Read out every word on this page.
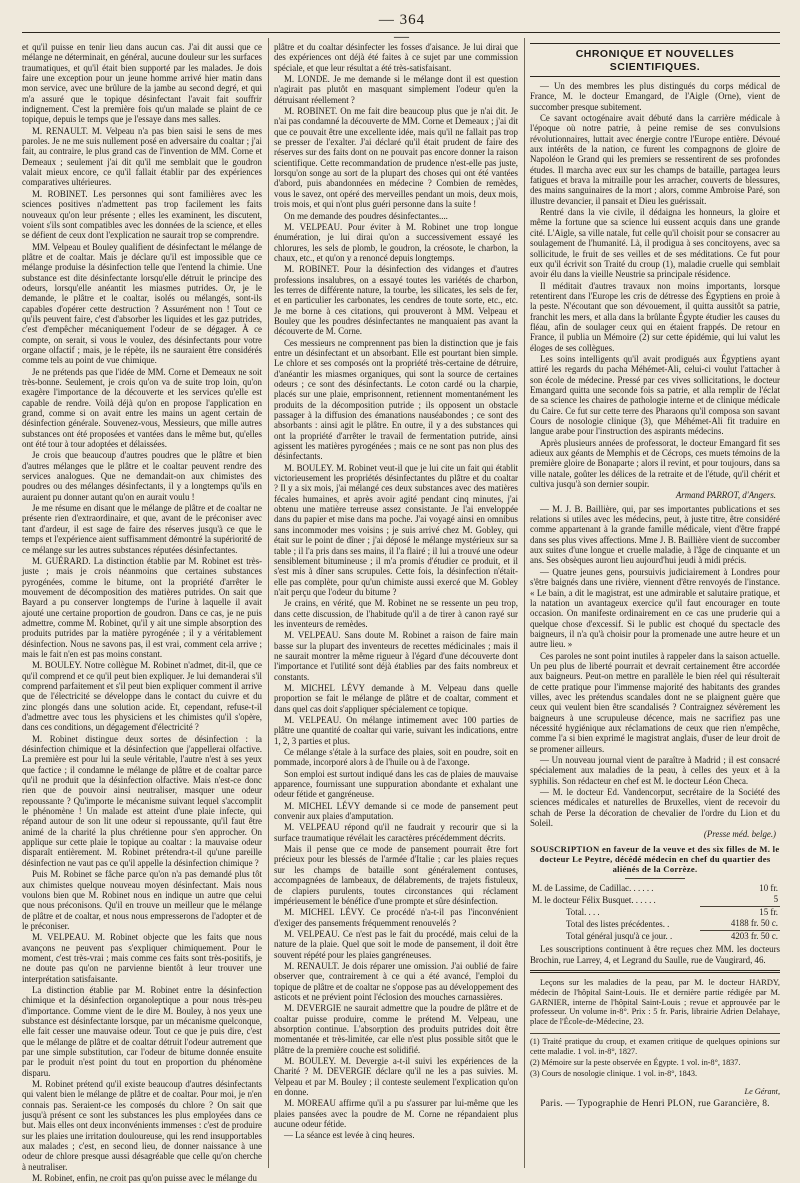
— 364 —

et qu'il puisse en tenir lieu dans aucun cas. J'ai dit aussi que ce mélange ne déterminait, en général, aucune douleur sur les surfaces traumatiques, et qu'il était bien supporté par les malades. Je dois faire une exception pour un jeune homme arrivé hier matin dans mon service, avec une brûlure de la jambe au second degré, et qui m'a assuré que le topique désinfectant l'avait fait souffrir indignement. C'est la première fois qu'un malade se plaint de ce topique, depuis le temps que je l'essaye dans mes salles.

M. RENAULT. M. Velpeau n'a pas bien saisi le sens de mes paroles. Je ne me suis nullement posé en adversaire du coaltar ; j'ai fait, au contraire, le plus grand cas de l'invention de MM. Corne et Demeaux ; seulement j'ai dit qu'il me semblait que le goudron valait mieux encore, ce qu'il fallait établir par des expériences comparatives ultérieures.

M. ROBINET. Les personnes qui sont familières avec les sciences positives n'admettent pas trop facilement les faits nouveaux qu'on leur présente ; elles les examinent, les discutent, voient s'ils sont compatibles avec les données de la science, et elles se défient de ceux dont l'explication ne saurait trop se comprendre.

MM. Velpeau et Bouley qualifient de désinfectant le mélange de plâtre et de coaltar. Mais je déclare qu'il est impossible que ce mélange produise la désinfection telle que l'entend la chimie. Une substance est dite désinfectante lorsqu'elle détruit le principe des odeurs, lorsqu'elle anéantit les miasmes putrides. Or, je le demande, le plâtre et le coaltar, isolés ou mélangés, sont-ils capables d'opérer cette destruction ? Assurément non ! Tout ce qu'ils peuvent faire, c'est d'absorber les liquides et les gaz putrides, c'est d'empêcher mécaniquement l'odeur de se dégager. À ce compte, on serait, si vous le voulez, des désinfectants pour votre organe olfactif ; mais, je le répète, ils ne sauraient être considérés comme tels au point de vue chimique.

Je ne prétends pas que l'idée de MM. Corne et Demeaux ne soit très-bonne. Seulement, je crois qu'on va de suite trop loin, qu'on exagère l'importance de la découverte et les services qu'elle est capable de rendre. Voilà déjà qu'on en propose l'application en grand, comme si on avait entre les mains un agent certain de désinfection générale. Souvenez-vous, Messieurs, que mille autres substances ont été proposées et vantées dans le même but, qu'elles ont été tour à tour adoptées et délaissées.

Je crois que beaucoup d'autres poudres que le plâtre et bien d'autres mélanges que le plâtre et le coaltar peuvent rendre des services analogues. Que ne demandait-on aux chimistes des poudres ou des mélanges désinfectants, il y a longtemps qu'ils en auraient pu donner autant qu'on en aurait voulu !

Je me résume en disant que le mélange de plâtre et de coaltar ne présente rien d'extraordinaire, et que, avant de le préconiser avec tant d'ardeur, il est sage de faire des réserves jusqu'à ce que le temps et l'expérience aient suffisamment démontré la supériorité de ce mélange sur les autres substances réputées désinfectantes.

M. GUÉRARD. La distinction établie par M. Robinet est très-juste ; mais je crois néanmoins que certaines substances pyrogénées, comme le bitume, ont la propriété d'arrêter le mouvement de décomposition des matières putrides. On sait que Bayard a pu conserver longtemps de l'urine à laquelle il avait ajouté une certaine proportion de goudron. Dans ce cas, je ne puis admettre, comme M. Robinet, qu'il y ait une simple absorption des produits putrides par la matière pyrogénée ; il y a véritablement désinfection. Nous ne savons pas, il est vrai, comment cela arrive ; mais le fait n'en est pas moins constant.

M. BOULEY. Notre collègue M. Robinet n'admet, dit-il, que ce qu'il comprend et ce qu'il peut bien expliquer. Je lui demanderai s'il comprend parfaitement et s'il peut bien expliquer comment il arrive que de l'électricité se développe dans le contact du cuivre et du zinc plongés dans une solution acide. Et, cependant, refuse-t-il d'admettre avec tous les physiciens et les chimistes qu'il s'opère, dans ces conditions, un dégagement d'électricité ?

M. Robinet distingue deux sortes de désinfection : la désinfection chimique et la désinfection que j'appellerai olfactive. La première est pour lui la seule véritable, l'autre n'est à ses yeux que factice ; il condamne le mélange de plâtre et de coaltar parce qu'il ne produit que la désinfection olfactive. Mais n'est-ce donc rien que de pouvoir ainsi neutraliser, masquer une odeur repoussante ? Qu'importe le mécanisme suivant lequel s'accomplit le phénomène ! Un malade est atteint d'une plaie infecte, qui répand autour de son lit une odeur si repoussante, qu'il faut être animé de la charité la plus chrétienne pour s'en approcher. On applique sur cette plaie le topique au coaltar : la mauvaise odeur disparaît entièrement. M. Robinet prétendra-t-il qu'une pareille désinfection ne vaut pas ce qu'il appelle la désinfection chimique ?

Puis M. Robinet se fâche parce qu'on n'a pas demandé plus tôt aux chimistes quelque nouveau moyen désinfectant. Mais nous voulons bien que M. Robinet nous en indique un autre que celui que nous préconisons. Qu'il en trouve un meilleur que le mélange de plâtre et de coaltar, et nous nous empresserons de l'adopter et de le préconiser.

M. VELPEAU. M. Robinet objecte que les faits que nous avançons ne peuvent pas s'expliquer chimiquement. Pour le moment, c'est très-vrai ; mais comme ces faits sont très-positifs, je ne doute pas qu'on ne parvienne bientôt à leur trouver une interprétation satisfaisante.

La distinction établie par M. Robinet entre la désinfection chimique et la désinfection organoleptique a pour nous très-peu d'importance. Comme vient de le dire M. Bouley, à nos yeux une substance est désinfectante lorsque, par un mécanisme quelconque, elle fait cesser une mauvaise odeur. Tout ce que je puis dire, c'est que le mélange de plâtre et de coaltar détruit l'odeur autrement que par une simple substitution, car l'odeur de bitume donnée ensuite par le produit n'est point du tout en proportion du phénomène disparu.

M. Robinet prétend qu'il existe beaucoup d'autres désinfectants qui valent bien le mélange de plâtre et de coaltar. Pour moi, je n'en connais pas. Seraient-ce les composés du chlore ? On sait que jusqu'à présent ce sont les substances les plus employées dans ce but. Mais elles ont deux inconvénients immenses : c'est de produire sur les plaies une irritation douloureuse, qui les rend insupportables aux malades ; c'est, en second lieu, de donner naissance à une odeur de chlore presque aussi désagréable que celle qu'on cherche à neutraliser.

M. Robinet, enfin, ne croit pas qu'on puisse avec le mélange du

plâtre et du coaltar désinfecter les fosses d'aisance. Je lui dirai que des expériences ont déjà été faites à ce sujet par une commission spéciale, et que leur résultat a été très-satisfaisant.

M. LONDE. Je me demande si le mélange dont il est question n'agirait pas plutôt en masquant simplement l'odeur qu'en la détruisant réellement ?

M. ROBINET. On me fait dire beaucoup plus que je n'ai dit. Je n'ai pas condamné la découverte de MM. Corne et Demeaux ; j'ai dit que ce pouvait être une excellente idée, mais qu'il ne fallait pas trop se presser de l'exalter. J'ai déclaré qu'il était prudent de faire des réserves sur des faits dont on ne pouvait pas encore donner la raison scientifique. Cette recommandation de prudence n'est-elle pas juste, lorsqu'on songe au sort de la plupart des choses qui ont été vantées d'abord, puis abandonnées en médecine ? Combien de remèdes, vous le savez, ont opéré des merveilles pendant un mois, deux mois, trois mois, et qui n'ont plus guéri personne dans la suite !

On me demande des poudres désinfectantes....

M. VELPEAU. Pour éviter à M. Robinet une trop longue énumération, je lui dirai qu'on a successivement essayé les chlorures, les sels de plomb, le goudron, la créosote, le charbon, la chaux, etc., et qu'on y a renoncé depuis longtemps.

M. ROBINET. Pour la désinfection des vidanges et d'autres professions insalubres, on a essayé toutes les variétés de charbon, les terres de différente nature, la tourbe, les silicates, les sels de fer, et en particulier les carbonates, les cendres de toute sorte, etc., etc. Je me borne à ces citations, qui prouveront à MM. Velpeau et Bouley que les poudres désinfectantes ne manquaient pas avant la découverte de M. Corne.

Ces messieurs ne comprennent pas bien la distinction que je fais entre un désinfectant et un absorbant. Elle est pourtant bien simple. Le chlore et ses composés ont la propriété très-certaine de détruire, d'anéantir les miasmes organiques, qui sont la source de certaines odeurs ; ce sont des désinfectants. Le coton cardé ou la charpie, placés sur une plaie, emprisonnent, retiennent momentanément les produits de la décomposition putride ; ils opposent un obstacle passager à la diffusion des émanations nauséabondes ; ce sont des absorbants : ainsi agit le plâtre. En outre, il y a des substances qui ont la propriété d'arrêter le travail de fermentation putride, ainsi agissent les matières pyrogénées ; mais ce ne sont pas non plus des désinfectants.

M. BOULEY. M. Robinet veut-il que je lui cite un fait qui établit victorieusement les propriétés désinfectantes du plâtre et du coaltar ? Il y a six mois, j'ai mélangé ces deux substances avec des matières fécales humaines, et après avoir agité pendant cinq minutes, j'ai obtenu une matière terreuse assez consistante. Je l'ai enveloppée dans du papier et mise dans ma poche. J'ai voyagé ainsi en omnibus sans incommoder mes voisins ; je suis arrivé chez M. Gobley, qui était sur le point de dîner ; j'ai déposé le mélange mystérieux sur sa table ; il l'a pris dans ses mains, il l'a flairé ; il lui a trouvé une odeur sensiblement bitumineuse ; il m'a promis d'étudier ce produit, et il s'est mis à dîner sans scrupules. Cette fois, la désinfection n'était-elle pas complète, pour qu'un chimiste aussi exercé que M. Gobley n'ait perçu que l'odeur du bitume ?

Je crains, en vérité, que M. Robinet ne se ressente un peu trop, dans cette discussion, de l'habitude qu'il a de tirer à canon rayé sur les inventeurs de remèdes.

M. VELPEAU. Sans doute M. Robinet a raison de faire main basse sur la plupart des inventeurs de recettes médicinales ; mais il ne saurait montrer la même rigueur à l'égard d'une découverte dont l'importance et l'utilité sont déjà établies par des faits nombreux et constants.

M. MICHEL LÉVY demande à M. Velpeau dans quelle proportion se fait le mélange de plâtre et de coaltar, comment et dans quel cas doit s'appliquer spécialement ce topique.

M. VELPEAU. On mélange intimement avec 100 parties de plâtre une quantité de coaltar qui varie, suivant les indications, entre 1, 2, 3 parties et plus.

Ce mélange s'étale à la surface des plaies, soit en poudre, soit en pommade, incorporé alors à de l'huile ou à de l'axonge.

Son emploi est surtout indiqué dans les cas de plaies de mauvaise apparence, fournissant une suppuration abondante et exhalant une odeur fétide et gangréneuse.

M. MICHEL LÉVY demande si ce mode de pansement peut convenir aux plaies d'amputation.

M. VELPEAU répond qu'il ne faudrait y recourir que si la surface traumatique révélait les caractères précédemment décrits.

Mais il pense que ce mode de pansement pourrait être fort précieux pour les blessés de l'armée d'Italie ; car les plaies reçues sur les champs de bataille sont généralement contuses, accompagnées de lambeaux, de délabrements, de trajets fistuleux, de clapiers purulents, toutes circonstances qui réclament impérieusement le bénéfice d'une prompte et sûre désinfection.

M. MICHEL LÉVY. Ce procédé n'a-t-il pas l'inconvénient d'exiger des pansements fréquemment renouvelés ?

M. VELPEAU. Ce n'est pas le fait du procédé, mais celui de la nature de la plaie. Quel que soit le mode de pansement, il doit être souvent répété pour les plaies gangréneuses.

M. RENAULT. Je dois réparer une omission. J'ai oublié de faire observer que, contrairement à ce qui a été avancé, l'emploi du topique de plâtre et de coaltar ne s'oppose pas au développement des asticots et ne prévient point l'éclosion des mouches carnassières.

M. DEVERGIE ne saurait admettre que la poudre de plâtre et de coaltar puisse produire, comme le prétend M. Velpeau, une absorption continue. L'absorption des produits putrides doit être momentanée et très-limitée, car elle n'est plus possible sitôt que le plâtre de la première couche est solidifié.

M. BOULEY. M. Devergie a-t-il suivi les expériences de la Charité ? M. DEVERGIE déclare qu'il ne les a pas suivies. M. Velpeau et par M. Bouley ; il conteste seulement l'explication qu'on en donne.

M. MOREAU affirme qu'il a pu s'assurer par lui-même que les plaies pansées avec la poudre de M. Corne ne répandaient plus aucune odeur fétide.

— La séance est levée à cinq heures.

CHRONIQUE ET NOUVELLES SCIENTIFIQUES.

— Un des membres les plus distingués du corps médical de France, M. le docteur Emangard, de l'Aigle (Orne), vient de succomber presque subitement.

Ce savant octogénaire avait débuté dans la carrière médicale à l'époque où notre patrie, à peine remise de ses convulsions révolutionnaires, luttait avec énergie contre l'Europe entière. Dévoué aux intérêts de la nation, ce furent les compagnons de gloire de Napoléon le Grand qui les premiers se ressentirent de ses profondes études. Il marcha avec eux sur les champs de bataille, partagea leurs fatigues et brava la mitraille pour les arracher, couverts de blessures, des mains sanguinaires de la mort ; alors, comme Ambroise Paré, son illustre devancier, il pansait et Dieu les guérissait.

Rentré dans la vie civile, il dédaigna les honneurs, la gloire et même la fortune que sa science lui eussent acquis dans une grande cité. L'Aigle, sa ville natale, fut celle qu'il choisit pour se consacrer au soulagement de l'humanité. Là, il prodigua à ses concitoyens, avec sa sollicitude, le fruit de ses veilles et de ses méditations. Ce fut pour eux qu'il écrivit son Traité du croup (1), maladie cruelle qui semblait avoir élu dans la vieille Neustrie sa principale résidence.

Il méditait d'autres travaux non moins importants, lorsque retentirent dans l'Europe les cris de détresse des Égyptiens en proie à la peste. N'écoutant que son dévouement, il quitta aussitôt sa patrie, franchit les mers, et alla dans la brûlante Égypte étudier les causes du fléau, afin de soulager ceux qui en étaient frappés. De retour en France, il publia un Mémoire (2) sur cette épidémie, qui lui valut les éloges de ses collègues.

Les soins intelligents qu'il avait prodigués aux Égyptiens ayant attiré les regards du pacha Méhémet-Ali, celui-ci voulut l'attacher à son école de médecine. Pressé par ces vives sollicitations, le docteur Emangard quitta une seconde fois sa patrie, et alla remplir de l'éclat de sa science les chaires de pathologie interne et de clinique médicale du Caire. Ce fut sur cette terre des Pharaons qu'il composa son savant Cours de nosologie clinique (3), que Méhémet-Ali fit traduire en langue arabe pour l'instruction des aspirants médecins.

Après plusieurs années de professorat, le docteur Emangard fit ses adieux aux géants de Memphis et de Cécrops, ces muets témoins de la première gloire de Bonaparte ; alors il revint, et pour toujours, dans sa ville natale, goûter les délices de la retraite et de l'étude, qu'il chérit et cultiva jusqu'à son dernier soupir.

Armand PARROT, d'Angers.

— M. J. B. Baillière, qui, par ses importantes publications et ses relations si utiles avec les médecins, peut, à juste titre, être considéré comme appartenant à la grande famille médicale, vient d'être frappé dans ses plus vives affections. Mme J. B. Baillière vient de succomber aux suites d'une longue et cruelle maladie, à l'âge de cinquante et un ans. Ses obsèques auront lieu aujourd'hui jeudi à midi précis.

— Quatre jeunes gens, poursuivis judiciairement à Londres pour s'être baignés dans une rivière, viennent d'être renvoyés de l'instance. « Le bain, a dit le magistrat, est une admirable et salutaire pratique, et la natation un avantageux exercice qu'il faut encourager en toute occasion. On manifeste ordinairement en ce cas une pruderie qui a quelque chose d'excessif. Si le public est choqué du spectacle des baigneurs, il n'a qu'à choisir pour la promenade une autre heure et un autre lieu. »

Ces paroles ne sont point inutiles à rappeler dans la saison actuelle. Un peu plus de liberté pourrait et devrait certainement être accordée aux baigneurs. Peut-on mettre en parallèle le bien réel qui résulterait de cette pratique pour l'immense majorité des habitants des grandes villes, avec les prétendus scandales dont ne se plaignent guère que ceux qui veulent bien être scandalisés ? Contraignez sévèrement les baigneurs à une scrupuleuse décence, mais ne sacrifiez pas une nécessité hygiénique aux réclamations de ceux que rien n'empêche, comme l'a si bien exprimé le magistrat anglais, d'user de leur droit de se promener ailleurs.

— Un nouveau journal vient de paraître à Madrid ; il est consacré spécialement aux maladies de la peau, à celles des yeux et à la syphilis. Son rédacteur en chef est M. le docteur Léon Checa.

— M. le docteur Ed. Vandencorput, secrétaire de la Société des sciences médicales et naturelles de Bruxelles, vient de recevoir du schah de Perse la décoration de chevalier de l'ordre du Lion et du Soleil.

(Presse méd. belge.)
SOUSCRIPTION en faveur de la veuve et des six filles de M. le docteur Le Peytre, décédé médecin en chef du quartier des aliénés de la Corrèze.
M. de Lassime, de Cadillac. . . . . .	10 fr.
M. le docteur Félix Busquet. . . . . .	5
Total. . . .	15 fr.
Total des listes précédentes. .	4188 fr. 50 c.
Total général jusqu'à ce jour. .	4203 fr. 50 c.

Les souscriptions continuent à être reçues chez MM. les docteurs Brochin, rue Larrey, 4, et Legrand du Saulle, rue de Vaugirard, 46.

Leçons sur les maladies de la peau, par M. le docteur HARDY, médecin de l'hôpital Saint-Louis. IIe et dernière partie rédigée par M. GARNIER, interne de l'hôpital Saint-Louis ; revue et approuvée par le professeur. Un volume in-8°. Prix : 5 fr. Paris, librairie Adrien Delahaye, place de l'École-de-Médecine, 23.

(1) Traité pratique du croup, et examen critique de quelques opinions sur cette maladie. 1 vol. in-8°, 1827.

(2) Mémoire sur la peste observée en Égypte. 1 vol. in-8°, 1837.

(3) Cours de nosologie clinique. 1 vol. in-8°, 1843.

Le Gérant,
Paris. — Typographie de Henri PLON, rue Garancière, 8.
